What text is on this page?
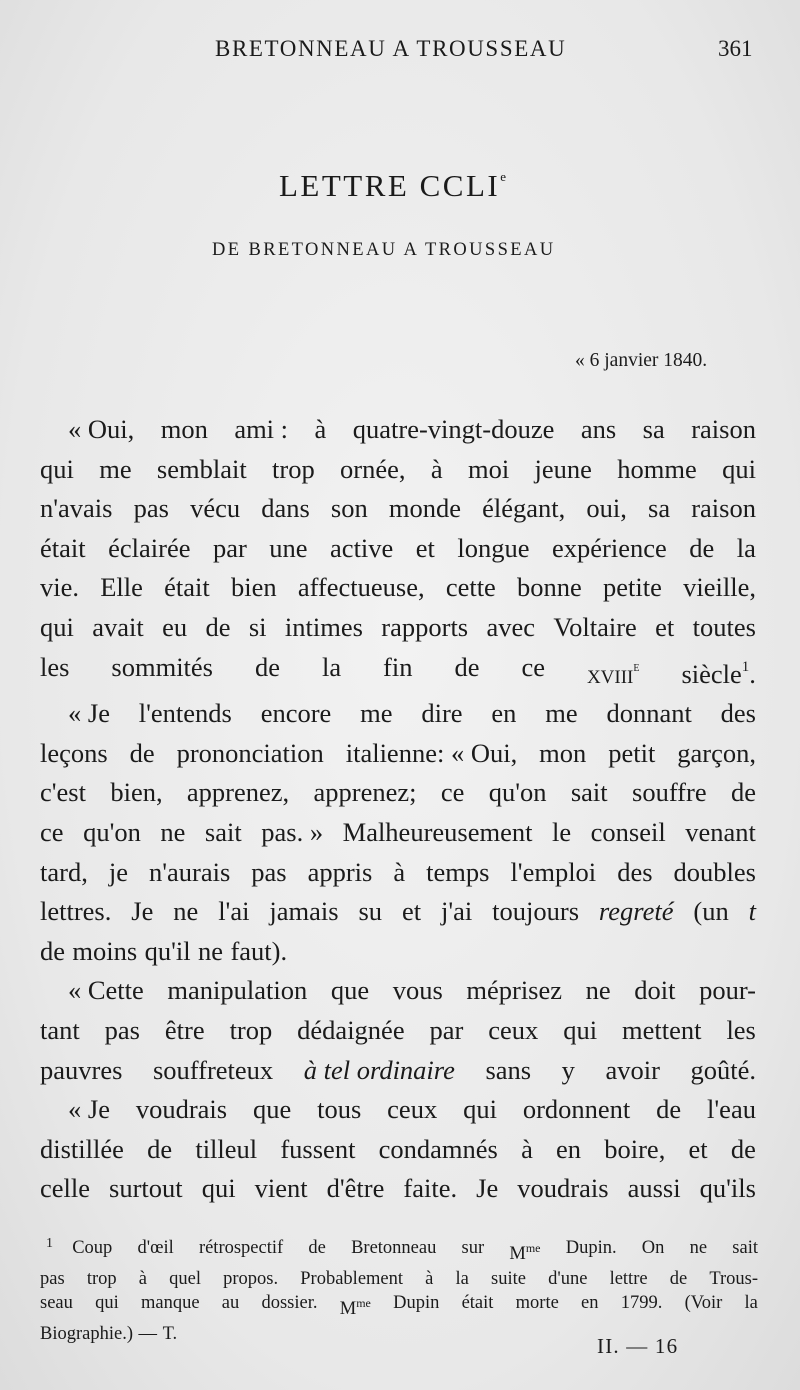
BRETONNEAU A TROUSSEAU	361
LETTRE CCLIe
DE BRETONNEAU A TROUSSEAU
« 6 janvier 1840.
« Oui, mon ami : à quatre-vingt-douze ans sa raison
qui me semblait trop ornée, à moi jeune homme qui
n'avais pas vécu dans son monde élégant, oui, sa raison
était éclairée par une active et longue expérience de la
vie. Elle était bien affectueuse, cette bonne petite vieille,
qui avait eu de si intimes rapports avec Voltaire et toutes
les sommités de la fin de ce xviii$^e$ siècle$^1$.
« Je l'entends encore me dire en me donnant des
leçons de prononciation italienne: « Oui, mon petit garçon,
c'est bien, apprenez, apprenez; ce qu'on sait souffre de
ce qu'on ne sait pas. » Malheureusement le conseil venant
tard, je n'aurais pas appris à temps l'emploi des doubles
lettres. Je ne l'ai jamais su et j'ai toujours regreté (un t
de moins qu'il ne faut).
« Cette manipulation que vous méprisez ne doit pour-
tant pas être trop dédaignée par ceux qui mettent les
pauvres souffreteux à tel ordinaire sans y avoir goûté.
« Je voudrais que tous ceux qui ordonnent de l'eau
distillée de tilleul fussent condamnés à en boire, et de
celle surtout qui vient d'être faite. Je voudrais aussi qu'ils
1 Coup d'œil rétrospectif de Bretonneau sur $M^{me}$ Dupin. On ne sait
pas trop à quel propos. Probablement à la suite d'une lettre de Trous-
seau qui manque au dossier. $M^{me}$ Dupin était morte en 1799. (Voir la
Biographie.) — T.
II. — 16
